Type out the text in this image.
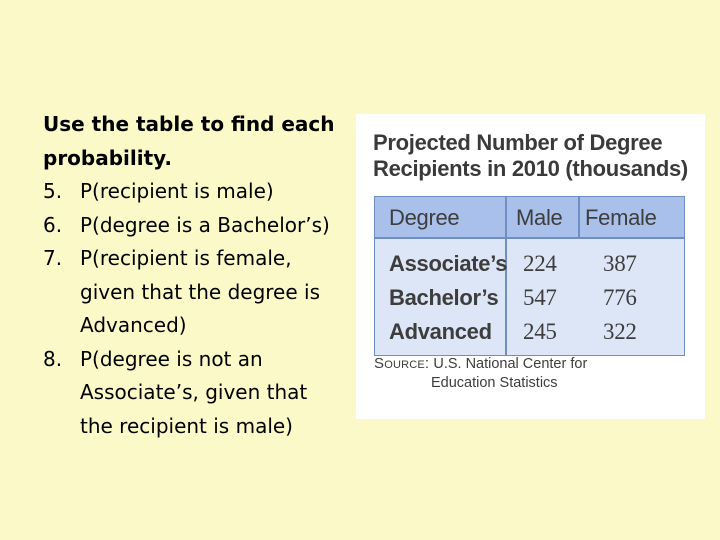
Use the table to find each
probability.
5. P(recipient is male)
6. P(degree is a Bachelor’s)
7. P(recipient is female,
given that the degree is
Advanced)
8. P(degree is not an
Associate’s, given that
the recipient is male)
Projected Number of Degree
Recipients in 2010 (thousands)
Degree	Male Female
Associate’s 224 387
Bachelor’s 547 776
Advanced 245 322
Source: U.S. National Center for
Education Statistics
